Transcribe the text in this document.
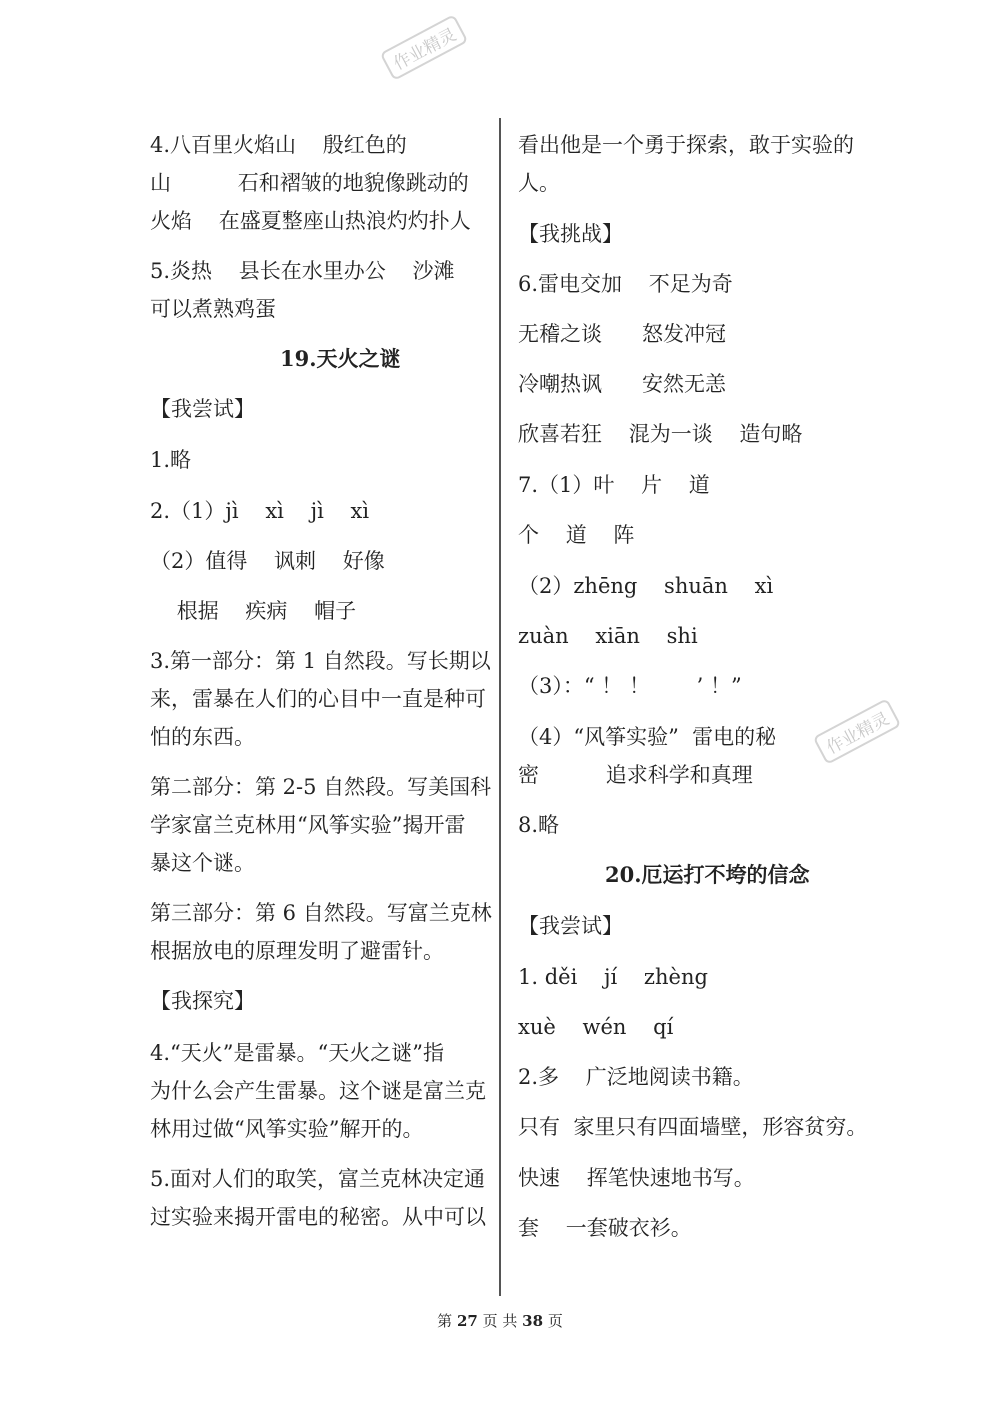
作业精灵
作业精灵
4.八百里火焰山    殷红色的
山          石和褶皱的地貌像跳动的
火焰    在盛夏整座山热浪灼灼扑人
5.炎热    县长在水里办公    沙滩
可以煮熟鸡蛋
19.天火之谜
【我尝试】
1.略
2.（1）jì    xì    jì    xì
（2）值得    讽刺    好像
根据    疾病    帽子
3.第一部分：第 1 自然段。写长期以
来，雷暴在人们的心目中一直是种可
怕的东西。
第二部分：第 2-5 自然段。写美国科
学家富兰克林用“风筝实验”揭开雷
暴这个谜。
第三部分：第 6 自然段。写富兰克林
根据放电的原理发明了避雷针。
【我探究】
4.“天火”是雷暴。“天火之谜”指
为什么会产生雷暴。这个谜是富兰克
林用过做“风筝实验”解开的。
5.面对人们的取笑，富兰克林决定通
过实验来揭开雷电的秘密。从中可以
看出他是一个勇于探索，敢于实验的
人。
【我挑战】
6.雷电交加    不足为奇
无稽之谈      怒发冲冠
冷嘲热讽      安然无恙
欣喜若狂    混为一谈    造句略
7.（1）叶    片    道
个    道    阵
（2）zhēng    shuān    xì
zuàn    xiān    shi
（3）：“ ！ ！       ’ ！”
（4）“风筝实验”  雷电的秘
密          追求科学和真理
8.略
20.厄运打不垮的信念
【我尝试】
1. děi    jí    zhèng
xuè    wén    qí
2.多    广泛地阅读书籍。
只有  家里只有四面墙壁，形容贫穷。
快速    挥笔快速地书写。
套    一套破衣衫。
第 27 页 共 38 页
